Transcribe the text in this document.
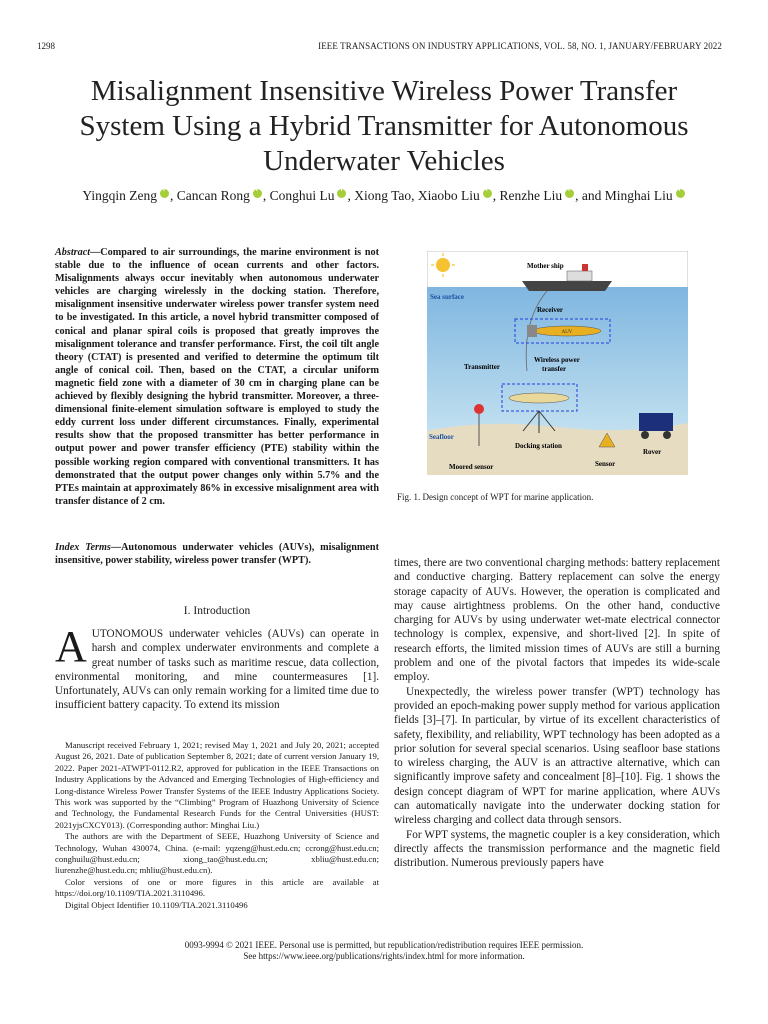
1298	IEEE TRANSACTIONS ON INDUSTRY APPLICATIONS, VOL. 58, NO. 1, JANUARY/FEBRUARY 2022
Misalignment Insensitive Wireless Power Transfer
System Using a Hybrid Transmitter for Autonomous
Underwater Vehicles
Yingqin Zeng i , Cancan Rong i , Conghui Lu i , Xiong Tao, Xiaobo Liu i , Renzhe Liu i , and Minghai Liui
Abstract—Compared to air surroundings, the marine environment is not stable due to the influence of ocean currents and other factors. Misalignments always occur inevitably when autonomous underwater vehicles are charging wirelessly in the docking station. Therefore, misalignment insensitive underwater wireless power transfer system need to be investigated. In this article, a novel hybrid transmitter composed of conical and planar spiral coils is proposed that greatly improves the misalignment tolerance and transfer performance. First, the coil tilt angle theory (CTAT) is presented and verified to determine the optimum tilt angle of conical coil. Then, based on the CTAT, a circular uniform magnetic field zone with a diameter of 30 cm in charging plane can be achieved by flexibly designing the hybrid transmitter. Moreover, a three-dimensional finite-element simulation software is employed to study the eddy current loss under different circumstances. Finally, experimental results show that the proposed transmitter has better performance in output power and power transfer efficiency (PTE) stability within the possible working region compared with conventional transmitters. It has demonstrated that the output power changes only within 5.7% and the PTEs maintain at approximately 86% in excessive misalignment area with transfer distance of 2 cm.
Index Terms—Autonomous underwater vehicles (AUVs), misalignment insensitive, power stability, wireless power transfer (WPT).
I. Introduction
A UTONOMOUS underwater vehicles (AUVs) can operate in harsh and complex underwater environments and complete a great number of tasks such as maritime rescue, data collection, environmental monitoring, and mine countermeasures [1]. Unfortunately, AUVs can only remain working for a limited time due to insufficient battery capacity. To extend its mission

Manuscript received February 1, 2021; revised May 1, 2021 and July 20, 2021; accepted August 26, 2021. Date of publication September 8, 2021; date of current version January 19, 2022. Paper 2021-ATWPT-0112.R2, approved for publication in the IEEE Transactions on Industry Applications by the Advanced and Emerging Technologies of High-efficiency and Long-distance Wireless Power Transfer Systems of the IEEE Industry Applications Society. This work was supported by the “Climbing” Program of Huazhong University of Science and Technology, the Fundamental Research Funds for the Central Universities (HUST: 2021yjsCXCY013). (Corresponding author: Minghai Liu.)

The authors are with the Department of SEEE, Huazhong University of Science and Technology, Wuhan 430074, China. (e-mail: yqzeng@hust.edu.cn; ccrong@hust.edu.cn; conghuilu@hust.edu.cn; xiong_tao@hust.edu.cn; xbliu@hust.edu.cn; liurenzhe@hust.edu.cn; mhliu@hust.edu.cn).

Color versions of one or more figures in this article are available at https://doi.org/10.1109/TIA.2021.3110496.

Digital Object Identifier 10.1109/TIA.2021.3110496

Mother ship
Sea surface
Receiver
AUV
Transmitter
Wireless power
transfer
Docking station
Seafloor
Moored sensor	Sensor
Rover
Fig. 1. Design concept of WPT for marine application.

times, there are two conventional charging methods: battery replacement and conductive charging. Battery replacement can solve the energy storage capacity of AUVs. However, the operation is complicated and may cause airtightness problems. On the other hand, conductive charging for AUVs by using underwater wet-mate electrical connector technology is complex, expensive, and short-lived [2]. In spite of research efforts, the limited mission times of AUVs are still a burning problem and one of the pivotal factors that impedes its wide-scale employ.

Unexpectedly, the wireless power transfer (WPT) technology has provided an epoch-making power supply method for various application fields [3]–[7]. In particular, by virtue of its excellent characteristics of safety, flexibility, and reliability, WPT technology has been adopted as a prior solution for several special scenarios. Using seafloor base stations to wireless charging, the AUV is an attractive alternative, which can significantly improve safety and concealment [8]–[10]. Fig. 1 shows the design concept diagram of WPT for marine application, where AUVs can automatically navigate into the underwater docking station for wireless charging and collect data through sensors.

For WPT systems, the magnetic coupler is a key consideration, which directly affects the transmission performance and the magnetic field distribution. Numerous previously papers have

0093-9994 © 2021 IEEE. Personal use is permitted, but republication/redistribution requires IEEE permission.
See https://www.ieee.org/publications/rights/index.html for more information.
